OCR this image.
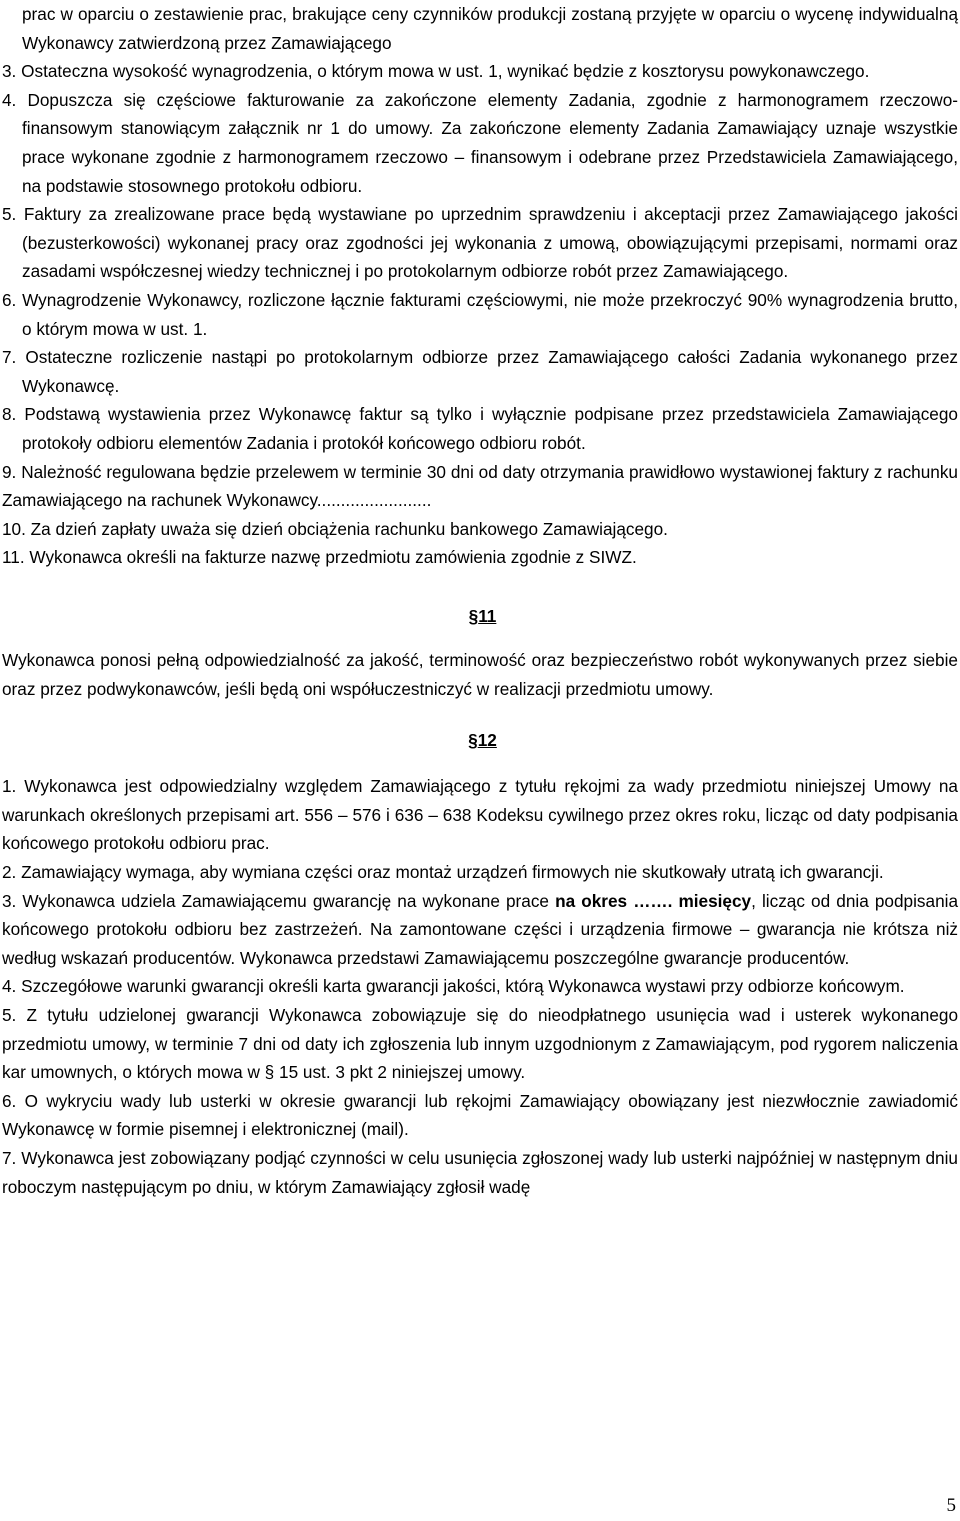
prac w oparciu o zestawienie prac, brakujące ceny czynników produkcji zostaną przyjęte w oparciu o wycenę indywidualną Wykonawcy zatwierdzoną przez Zamawiającego

3. Ostateczna wysokość wynagrodzenia, o którym mowa w ust. 1, wynikać będzie z kosztorysu powykonawczego.

4. Dopuszcza się częściowe fakturowanie za zakończone elementy Zadania, zgodnie z harmonogramem rzeczowo-finansowym stanowiącym załącznik nr 1 do umowy. Za zakończone elementy Zadania Zamawiający uznaje wszystkie prace wykonane zgodnie z harmonogramem rzeczowo – finansowym i odebrane przez Przedstawiciela Zamawiającego, na podstawie stosownego protokołu odbioru.

5. Faktury za zrealizowane prace będą wystawiane po uprzednim sprawdzeniu i akceptacji przez Zamawiającego jakości (bezusterkowości) wykonanej pracy oraz zgodności jej wykonania z umową, obowiązującymi przepisami, normami oraz zasadami współczesnej wiedzy technicznej i po protokolarnym odbiorze robót przez Zamawiającego.

6. Wynagrodzenie Wykonawcy, rozliczone łącznie fakturami częściowymi, nie może przekroczyć 90% wynagrodzenia brutto, o którym mowa w ust. 1.

7. Ostateczne rozliczenie nastąpi po protokolarnym odbiorze przez Zamawiającego całości Zadania wykonanego przez Wykonawcę.

8. Podstawą wystawienia przez Wykonawcę faktur są tylko i wyłącznie podpisane przez przedstawiciela Zamawiającego protokoły odbioru elementów Zadania i protokół końcowego odbioru robót.

9. Należność regulowana będzie przelewem w terminie 30 dni od daty otrzymania prawidłowo wystawionej faktury z rachunku Zamawiającego na rachunek Wykonawcy........................

10. Za dzień zapłaty uważa się dzień obciążenia rachunku bankowego Zamawiającego.

11. Wykonawca określi na fakturze nazwę przedmiotu zamówienia zgodnie z SIWZ.

§11

Wykonawca ponosi pełną odpowiedzialność za jakość, terminowość oraz bezpieczeństwo robót wykonywanych przez siebie oraz przez podwykonawców, jeśli będą oni współuczestniczyć w realizacji przedmiotu umowy.

§12

1. Wykonawca jest odpowiedzialny względem Zamawiającego z tytułu rękojmi za wady przedmiotu niniejszej Umowy na warunkach określonych przepisami art. 556 – 576 i 636 – 638 Kodeksu cywilnego przez okres roku, licząc od daty podpisania końcowego protokołu odbioru prac.

2. Zamawiający wymaga, aby wymiana części oraz montaż urządzeń firmowych nie skutkowały utratą ich gwarancji.

3. Wykonawca udziela Zamawiającemu gwarancję na wykonane prace na okres ……. miesięcy, licząc od dnia podpisania końcowego protokołu odbioru bez zastrzeżeń. Na zamontowane części i urządzenia firmowe – gwarancja nie krótsza niż według wskazań producentów. Wykonawca przedstawi Zamawiającemu poszczególne gwarancje producentów.

4. Szczegółowe warunki gwarancji określi karta gwarancji jakości, którą Wykonawca wystawi przy odbiorze końcowym.

5. Z tytułu udzielonej gwarancji Wykonawca zobowiązuje się do nieodpłatnego usunięcia wad i usterek wykonanego przedmiotu umowy, w terminie 7 dni od daty ich zgłoszenia lub innym uzgodnionym z Zamawiającym, pod rygorem naliczenia kar umownych, o których mowa w § 15 ust. 3 pkt 2 niniejszej umowy.

6. O wykryciu wady lub usterki w okresie gwarancji lub rękojmi Zamawiający obowiązany jest niezwłocznie zawiadomić Wykonawcę w formie pisemnej i elektronicznej (mail).

7. Wykonawca jest zobowiązany podjąć czynności w celu usunięcia zgłoszonej wady lub usterki najpóźniej w następnym dniu roboczym następującym po dniu, w którym Zamawiający zgłosił wadę

5
